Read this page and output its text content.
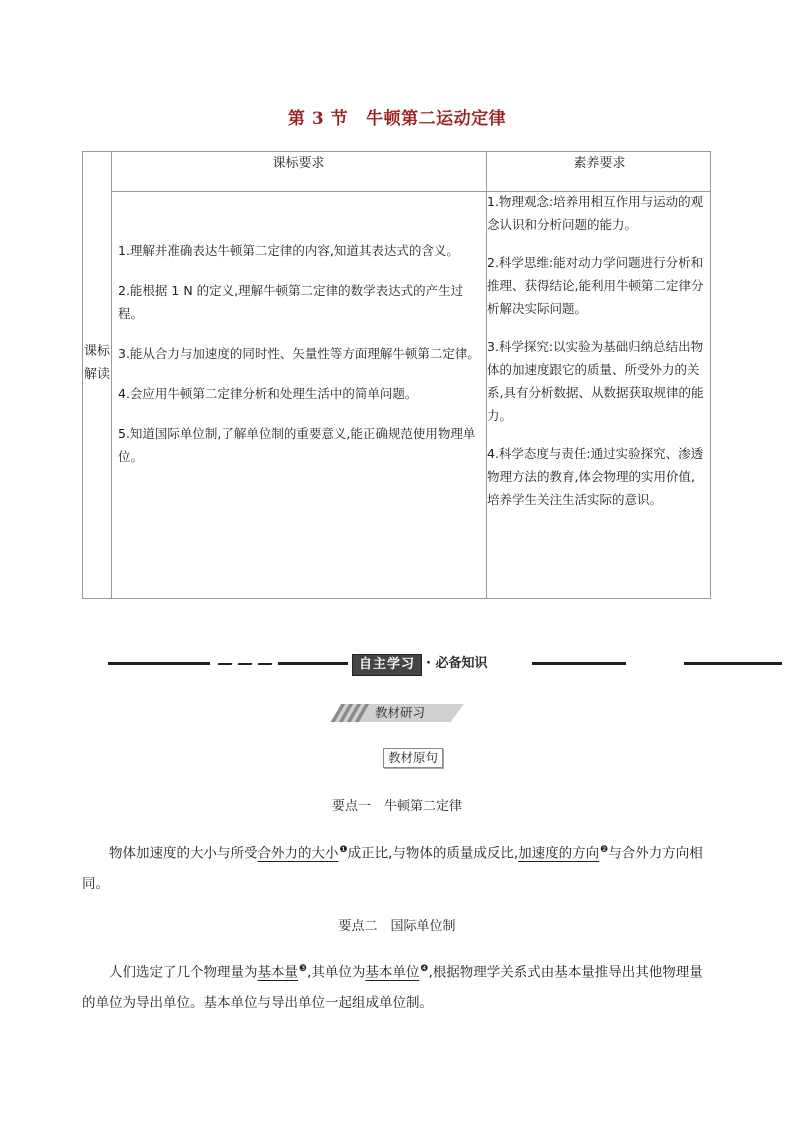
第 3 节 牛顿第二运动定律
课标
解读
课标要求	素养要求

1.理解并准确表达牛顿第二定律的内容,知道其表达式的含义。

2.能根据 1 N 的定义,理解牛顿第二定律的数学表达式的产生过程。

3.能从合力与加速度的同时性、矢量性等方面理解牛顿第二定律。

4.会应用牛顿第二定律分析和处理生活中的简单问题。

5.知道国际单位制,了解单位制的重要意义,能正确规范使用物理单位。

1.物理观念:培养用相互作用与运动的观念认识和分析问题的能力。

2.科学思维:能对动力学问题进行分析和推理、获得结论,能利用牛顿第二定律分析解决实际问题。

3.科学探究:以实验为基础归纳总结出物体的加速度跟它的质量、所受外力的关系,具有分析数据、从数据获取规律的能力。

4.科学态度与责任:通过实验探究、渗透物理方法的教育,体会物理的实用价值,培养学生关注生活实际的意识。

自主学习 · 必备知识
教材研习
教材原句
要点一　牛顿第二定律
物体加速度的大小与所受合外力的大小$^❶$成正比,与物体的质量成反比,加速度的方向$^❷$与合外力方向相同。
要点二　国际单位制
人们选定了几个物理量为基本量$^❸$,其单位为基本单位$^❹$,根据物理学关系式由基本量推导出其他物理量的单位为导出单位。基本单位与导出单位一起组成单位制。
